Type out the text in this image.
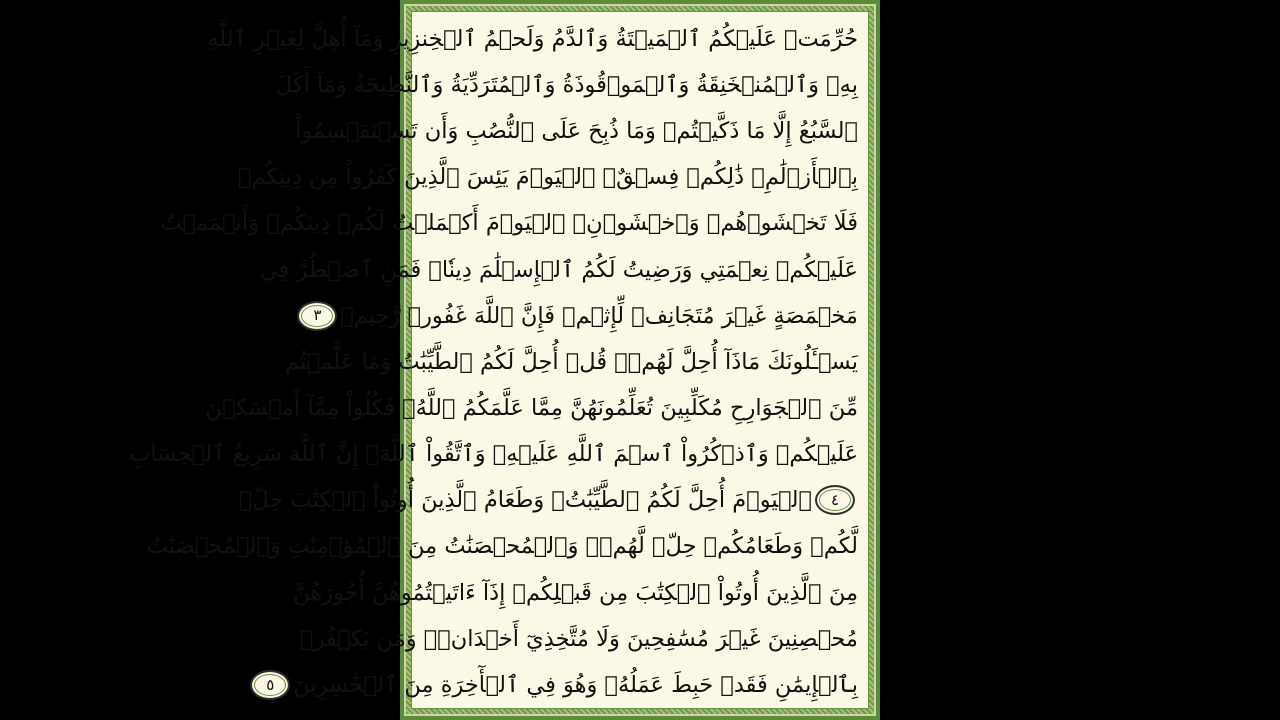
حُرِّمَتۡ عَلَيۡكُمُ ٱلۡمَيۡتَةُ وَٱلدَّمُ وَلَحۡمُ ٱلۡخِنزِيرِ وَمَآ أُهِلَّ لِغَيۡرِ ٱللَّهِ
بِهِۦ وَٱلۡمُنۡخَنِقَةُ وَٱلۡمَوۡقُوذَةُ وَٱلۡمُتَرَدِّيَةُ وَٱلنَّطِيحَةُ وَمَآ أَكَلَ
ٱلسَّبُعُ إِلَّا مَا ذَكَّيۡتُمۡ وَمَا ذُبِحَ عَلَى ٱلنُّصُبِ وَأَن تَسۡتَقۡسِمُواْ
بِٱلۡأَزۡلَٰمِۚ ذَٰلِكُمۡ فِسۡقٌۗ ٱلۡيَوۡمَ يَئِسَ ٱلَّذِينَ كَفَرُواْ مِن دِينِكُمۡ
فَلَا تَخۡشَوۡهُمۡ وَٱخۡشَوۡنِۚ ٱلۡيَوۡمَ أَكۡمَلۡتُ لَكُمۡ دِينَكُمۡ وَأَتۡمَمۡتُ
عَلَيۡكُمۡ نِعۡمَتِي وَرَضِيتُ لَكُمُ ٱلۡإِسۡلَٰمَ دِينٗاۚ فَمَنِ ٱضۡطُرَّ فِي
مَخۡمَصَةٍ غَيۡرَ مُتَجَانِفٖ لِّإِثۡمٖ فَإِنَّ ٱللَّهَ غَفُورٞ رَّحِيمٞ
٣
يَسۡـَٔلُونَكَ مَاذَآ أُحِلَّ لَهُمۡۖ قُلۡ أُحِلَّ لَكُمُ ٱلطَّيِّبَٰتُ وَمَا عَلَّمۡتُم
مِّنَ ٱلۡجَوَارِحِ مُكَلِّبِينَ تُعَلِّمُونَهُنَّ مِمَّا عَلَّمَكُمُ ٱللَّهُۖ فَكُلُواْ مِمَّآ أَمۡسَكۡنَ
عَلَيۡكُمۡ وَٱذۡكُرُواْ ٱسۡمَ ٱللَّهِ عَلَيۡهِۖ وَٱتَّقُواْ ٱللَّهَۚ إِنَّ ٱللَّهَ سَرِيعُ ٱلۡحِسَابِ
٤
ٱلۡيَوۡمَ أُحِلَّ لَكُمُ ٱلطَّيِّبَٰتُۖ وَطَعَامُ ٱلَّذِينَ أُوتُواْ ٱلۡكِتَٰبَ حِلّٞ
لَّكُمۡ وَطَعَامُكُمۡ حِلّٞ لَّهُمۡۖ وَٱلۡمُحۡصَنَٰتُ مِنَ ٱلۡمُؤۡمِنَٰتِ وَٱلۡمُحۡصَنَٰتُ
مِنَ ٱلَّذِينَ أُوتُواْ ٱلۡكِتَٰبَ مِن قَبۡلِكُمۡ إِذَآ ءَاتَيۡتُمُوهُنَّ أُجُورَهُنَّ
مُحۡصِنِينَ غَيۡرَ مُسَٰفِحِينَ وَلَا مُتَّخِذِيٓ أَخۡدَانٖۗ وَمَن يَكۡفُرۡ
بِٱلۡإِيمَٰنِ فَقَدۡ حَبِطَ عَمَلُهُۥ وَهُوَ فِي ٱلۡأٓخِرَةِ مِنَ ٱلۡخَٰسِرِينَ
٥
